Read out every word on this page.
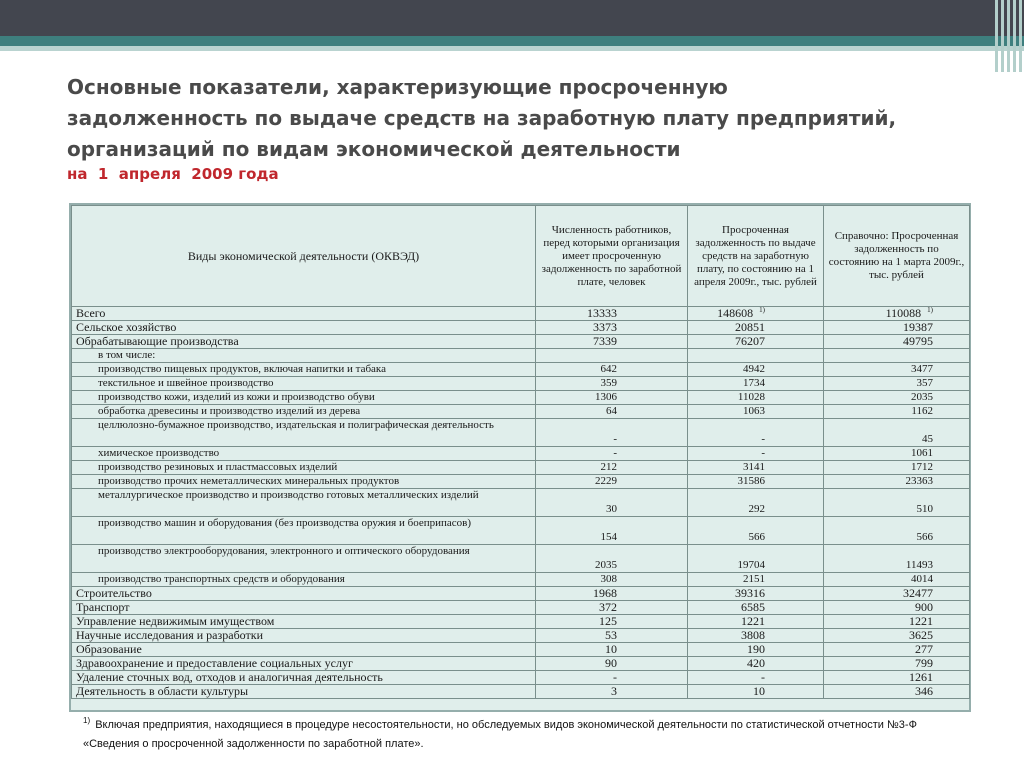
Основные показатели, характеризующие просроченную
задолженность по выдаче средств на заработную плату предприятий,
организаций по видам экономической деятельности
на  1  апреля  2009 года
Виды экономической деятельности (ОКВЭД)	Численность работников, перед которыми организация имеет просроченную задолженность по заработной плате, человек	Просроченная задолженность по выдаче средств на заработную плату, по состоянию на 1 апреля 2009г., тыс. рублей	Справочно: Просроченная задолженность по состоянию на 1 марта 2009г., тыс. рублей
Всего	13333	148608 $^{1)}$	110088 $^{1)}$
Сельское хозяйство	3373	20851	19387
Обрабатывающие производства	7339	76207	49795
в том числе:			
производство пищевых продуктов, включая напитки и табака	642	4942	3477
текстильное и швейное производство	359	1734	357
производство кожи, изделий из кожи и производство обуви	1306	11028	2035
обработка древесины и производство изделий из дерева	64	1063	1162
целлюлозно-бумажное производство, издательская и полиграфическая деятельность	-	-	45
химическое производство	-	-	1061
производство резиновых и пластмассовых изделий	212	3141	1712
производство прочих неметаллических минеральных продуктов	2229	31586	23363
металлургическое производство и производство готовых металлических изделий	30	292	510
производство машин и оборудования (без производства оружия и боеприпасов)	154	566	566
производство электрооборудования, электронного и оптического оборудования	2035	19704	11493
производство транспортных средств и оборудования	308	2151	4014
Строительство	1968	39316	32477
Транспорт	372	6585	900
Управление недвижимым имуществом	125	1221	1221
Научные исследования и разработки	53	3808	3625
Образование	10	190	277
Здравоохранение и предоставление социальных услуг	90	420	799
Удаление сточных вод, отходов и аналогичная деятельность	-	-	1261
Деятельность в области культуры	3	10	346
$^{1)}$ Включая предприятия, находящиеся в процедуре несостоятельности, но обследуемых видов экономической деятельности по статистической отчетности №3-Ф «Сведения о просроченной задолженности по заработной плате».
